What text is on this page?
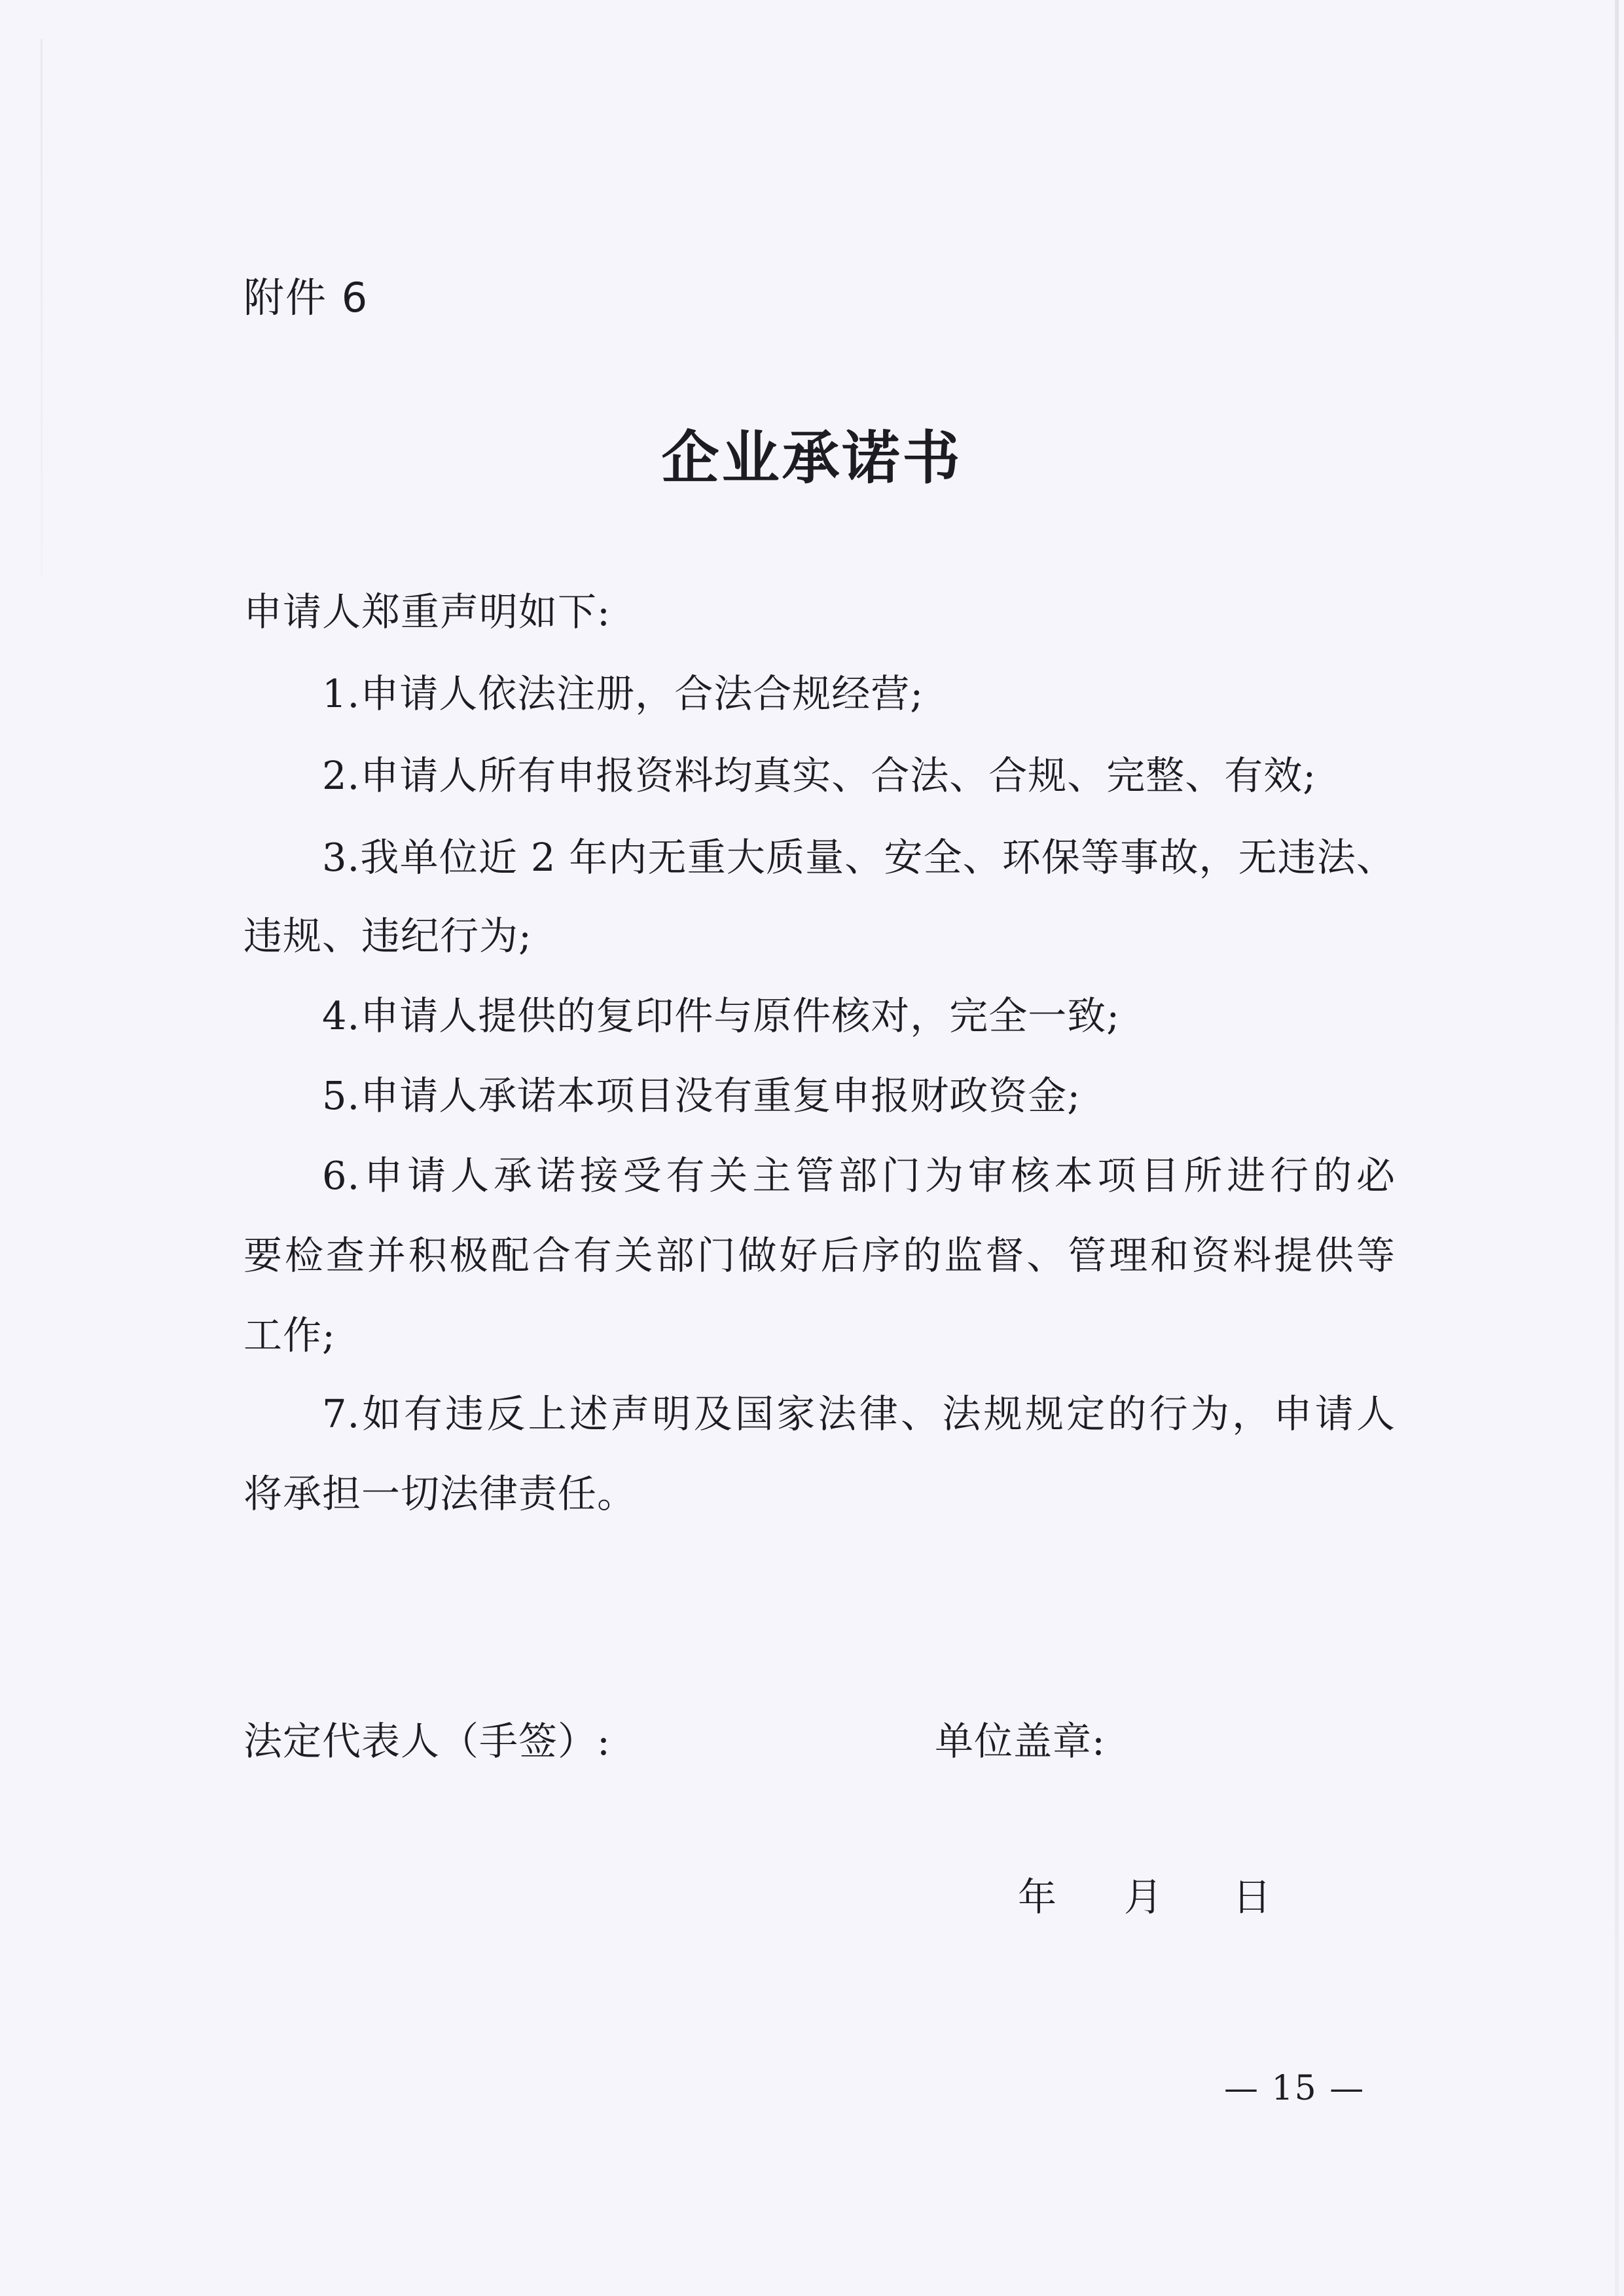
附件 6
企业承诺书
申请人郑重声明如下:
1.申请人依法注册，合法合规经营;
2.申请人所有申报资料均真实、合法、合规、完整、有效;
3.我单位近 2 年内无重大质量、安全、环保等事故，无违法、
违规、违纪行为;
4.申请人提供的复印件与原件核对，完全一致;
5.申请人承诺本项目没有重复申报财政资金;
6.申请人承诺接受有关主管部门为审核本项目所进行的必
要检查并积极配合有关部门做好后序的监督、管理和资料提供等
工作;
7.如有违反上述声明及国家法律、法规规定的行为，申请人
将承担一切法律责任。
法定代表人（手签）:	单位盖章:
年 月 日
— 15 —
